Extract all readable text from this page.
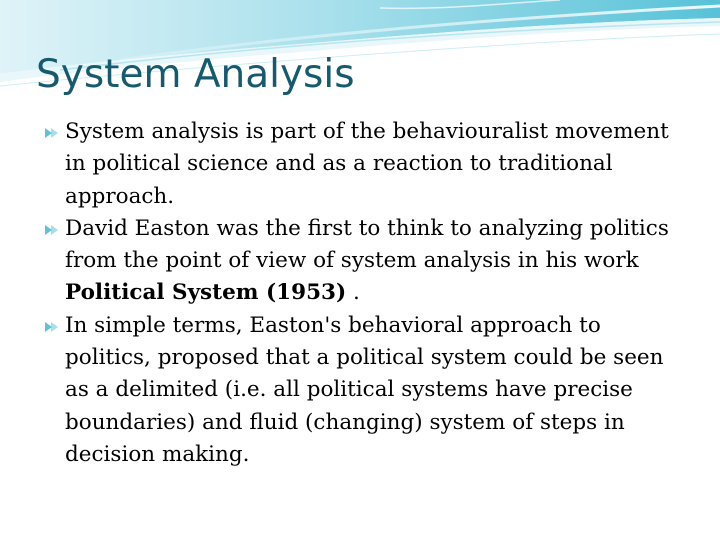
System Analysis
System analysis is part of the behaviouralist movement in political science and as a reaction to traditional approach.
David Easton was the first to think to analyzing politics from the point of view of system analysis in his work Political System (1953) .
In simple terms, Easton's behavioral approach to politics, proposed that a political system could be seen as a delimited (i.e. all political systems have precise boundaries) and fluid (changing) system of steps in decision making.
